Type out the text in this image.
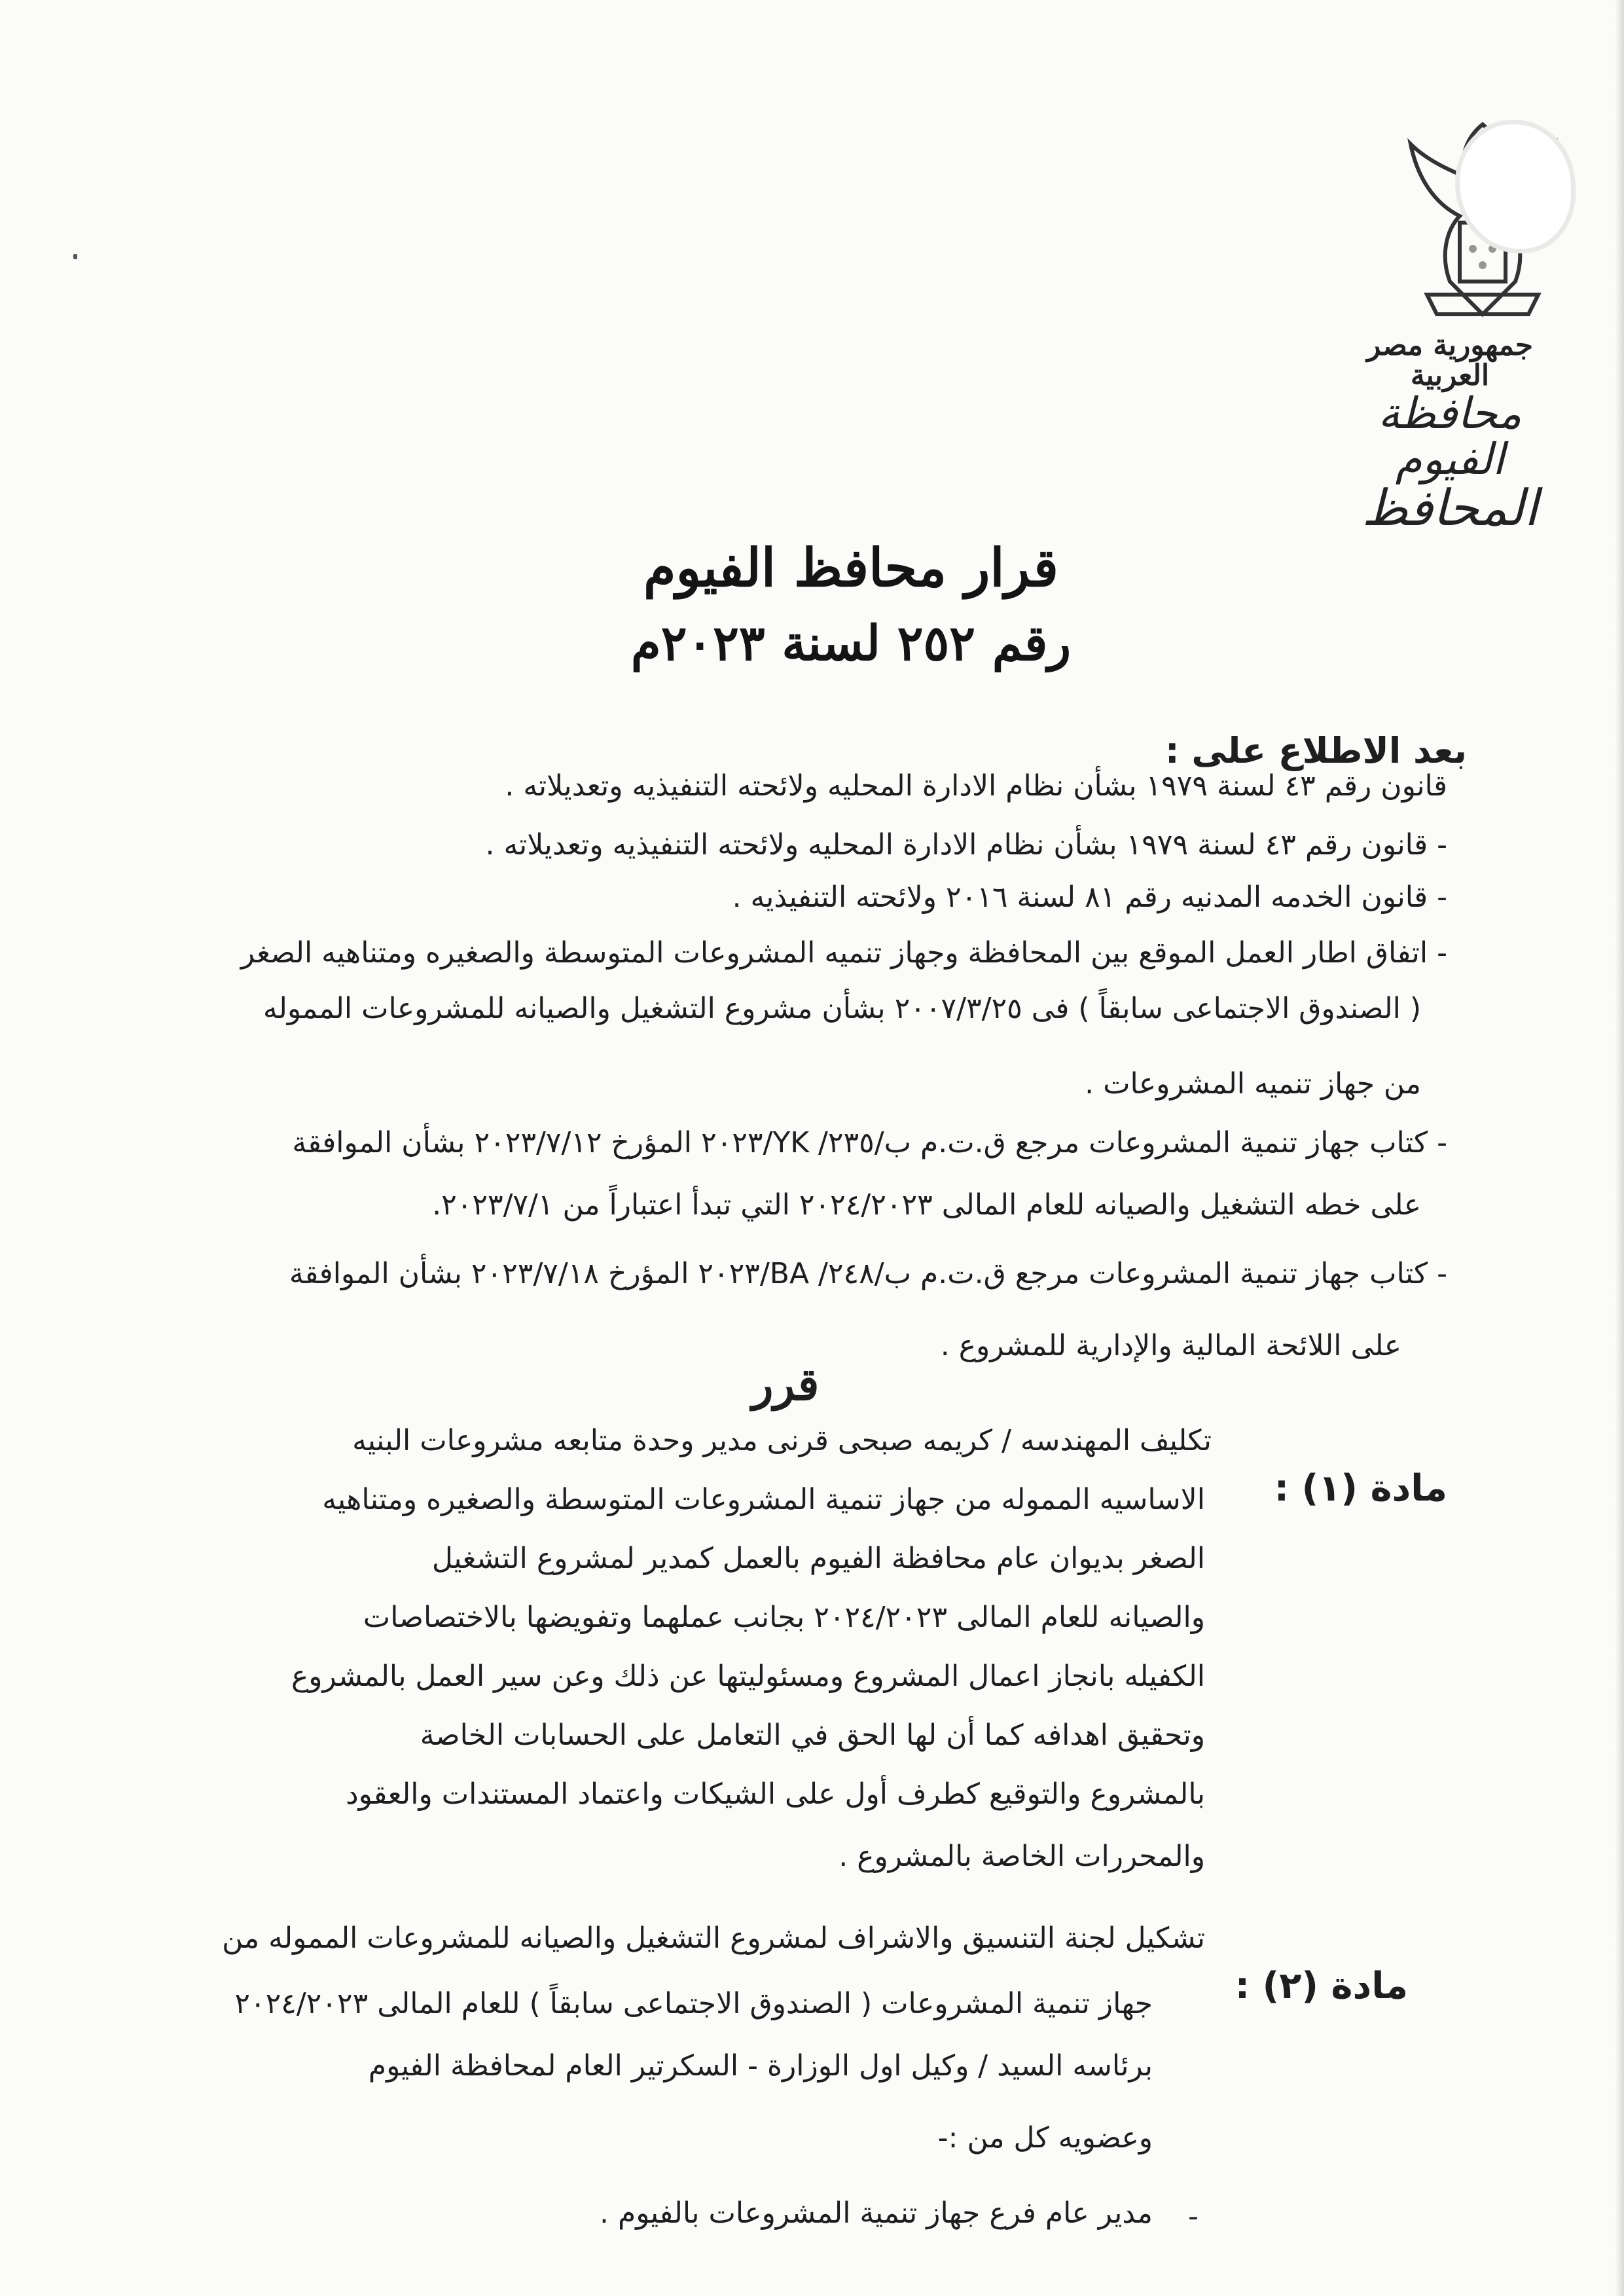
جمهورية مصر العربية
محافظة الفيوم
المحافظ
قرار محافظ الفيوم
رقم ٢٥٢ لسنة ٢٠٢٣م
بعد الاطلاع على :
قانون رقم ٤٣ لسنة ١٩٧٩ بشأن نظام الادارة المحليه ولائحته التنفيذيه وتعديلاته .
- قانون رقم ٤٣ لسنة ١٩٧٩ بشأن نظام الادارة المحليه ولائحته التنفيذيه وتعديلاته .
- قانون الخدمه المدنيه رقم ٨١ لسنة ٢٠١٦ ولائحته التنفيذيه .
- اتفاق اطار العمل الموقع بين المحافظة وجهاز تنميه المشروعات المتوسطة والصغيره ومتناهيه الصغر
( الصندوق الاجتماعى سابقاً ) فى ٢٠٠٧/٣/٢٥ بشأن مشروع التشغيل والصيانه للمشروعات المموله
من جهاز تنميه المشروعات .
- كتاب جهاز تنمية المشروعات مرجع ق.ت.م ب/٢٣٥/ YK/٢٠٢٣ المؤرخ ٢٠٢٣/٧/١٢ بشأن الموافقة
على خطه التشغيل والصيانه للعام المالى ٢٠٢٤/٢٠٢٣ التي تبدأ اعتباراً من ٢٠٢٣/٧/١.
- كتاب جهاز تنمية المشروعات مرجع ق.ت.م ب/٢٤٨/ BA/٢٠٢٣ المؤرخ ٢٠٢٣/٧/١٨ بشأن الموافقة
على اللائحة المالية والإدارية للمشروع .
قرر
مادة (١) :
تكليف المهندسه / كريمه صبحى قرنى مدير وحدة متابعه مشروعات البنيه
الاساسيه المموله من جهاز تنمية المشروعات المتوسطة والصغيره ومتناهيه
الصغر بديوان عام محافظة الفيوم بالعمل كمدير لمشروع التشغيل
والصيانه للعام المالى ٢٠٢٤/٢٠٢٣ بجانب عملهما وتفويضها بالاختصاصات
الكفيله بانجاز اعمال المشروع ومسئوليتها عن ذلك وعن سير العمل بالمشروع
وتحقيق اهدافه كما أن لها الحق في التعامل على الحسابات الخاصة
بالمشروع والتوقيع كطرف أول على الشيكات واعتماد المستندات والعقود
والمحررات الخاصة بالمشروع .
مادة (٢) :
تشكيل لجنة التنسيق والاشراف لمشروع التشغيل والصيانه للمشروعات المموله من
جهاز تنمية المشروعات ( الصندوق الاجتماعى سابقاً ) للعام المالى ٢٠٢٤/٢٠٢٣
برئاسه السيد / وكيل اول الوزارة - السكرتير العام لمحافظة الفيوم
وعضويه كل من :-
مدير عام فرع جهاز تنمية المشروعات بالفيوم . -
